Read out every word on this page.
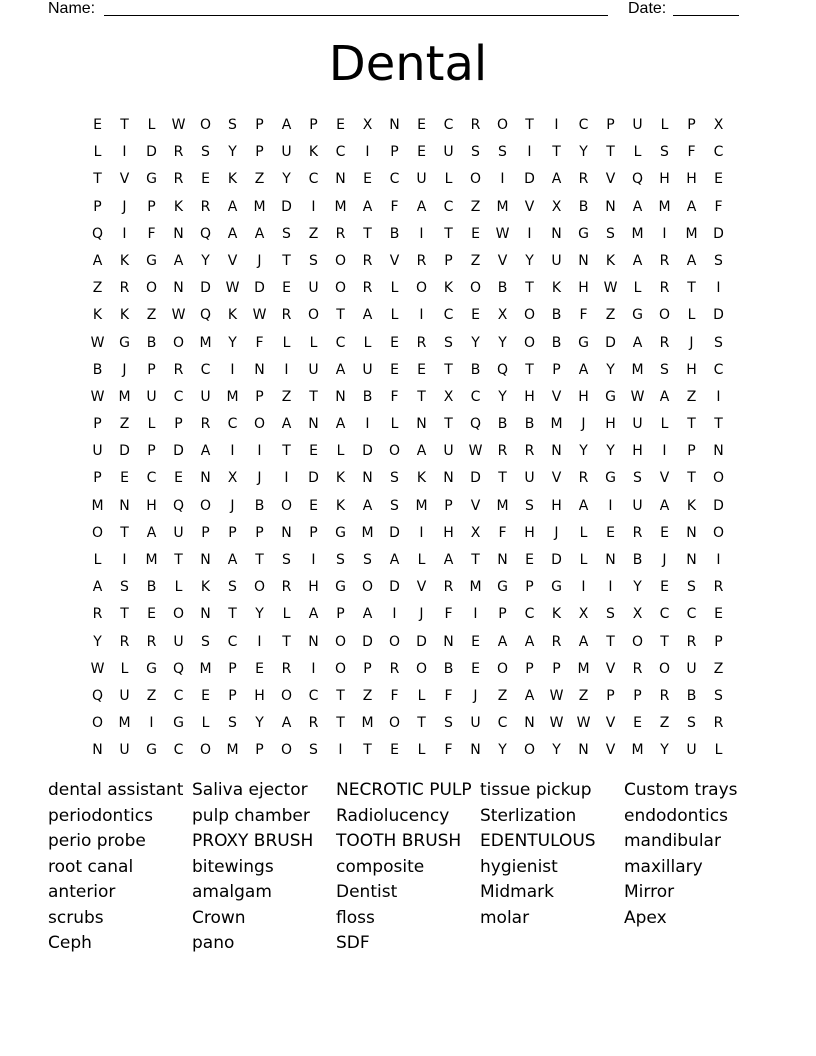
Name:	Date:
Dental
E	T	L	W	O	S	P	A	P	E	X	N	E	C	R	O	T	I	C	P	U	L	P	X
L	I	D	R	S	Y	P	U	K	C	I	P	E	U	S	S	I	T	Y	T	L	S	F	C
T	V	G	R	E	K	Z	Y	C	N	E	C	U	L	O	I	D	A	R	V	Q	H	H	E
P	J	P	K	R	A	M	D	I	M	A	F	A	C	Z	M	V	X	B	N	A	M	A	F
Q	I	F	N	Q	A	A	S	Z	R	T	B	I	T	E	W	I	N	G	S	M	I	M	D
A	K	G	A	Y	V	J	T	S	O	R	V	R	P	Z	V	Y	U	N	K	A	R	A	S
Z	R	O	N	D	W	D	E	U	O	R	L	O	K	O	B	T	K	H	W	L	R	T	I
K	K	Z	W	Q	K	W	R	O	T	A	L	I	C	E	X	O	B	F	Z	G	O	L	D
W	G	B	O	M	Y	F	L	L	C	L	E	R	S	Y	Y	O	B	G	D	A	R	J	S
B	J	P	R	C	I	N	I	U	A	U	E	E	T	B	Q	T	P	A	Y	M	S	H	C
W	M	U	C	U	M	P	Z	T	N	B	F	T	X	C	Y	H	V	H	G	W	A	Z	I
P	Z	L	P	R	C	O	A	N	A	I	L	N	T	Q	B	B	M	J	H	U	L	T	T
U	D	P	D	A	I	I	T	E	L	D	O	A	U	W	R	R	N	Y	Y	H	I	P	N
P	E	C	E	N	X	J	I	D	K	N	S	K	N	D	T	U	V	R	G	S	V	T	O
M	N	H	Q	O	J	B	O	E	K	A	S	M	P	V	M	S	H	A	I	U	A	K	D
O	T	A	U	P	P	P	N	P	G	M	D	I	H	X	F	H	J	L	E	R	E	N	O
L	I	M	T	N	A	T	S	I	S	S	A	L	A	T	N	E	D	L	N	B	J	N	I
A	S	B	L	K	S	O	R	H	G	O	D	V	R	M	G	P	G	I	I	Y	E	S	R
R	T	E	O	N	T	Y	L	A	P	A	I	J	F	I	P	C	K	X	S	X	C	C	E
Y	R	R	U	S	C	I	T	N	O	D	O	D	N	E	A	A	R	A	T	O	T	R	P
W	L	G	Q	M	P	E	R	I	O	P	R	O	B	E	O	P	P	M	V	R	O	U	Z
Q	U	Z	C	E	P	H	O	C	T	Z	F	L	F	J	Z	A	W	Z	P	P	R	B	S
O	M	I	G	L	S	Y	A	R	T	M	O	T	S	U	C	N	W W	V	E	Z	S	R
N	U	G	C	O	M	P	O	S	I	T	E	L	F	N	Y	O	Y	N	V	M	Y	U	L
dental assistant
periodontics
perio probe
root canal
anterior
scrubs
Ceph
Saliva ejector
pulp chamber
PROXY BRUSH
bitewings
amalgam
Crown
pano
NECROTIC PULP
Radiolucency
TOOTH BRUSH
composite
Dentist
floss
SDF
tissue pickup
Sterlization
EDENTULOUS
hygienist
Midmark
molar
Custom trays
endodontics
mandibular
maxillary
Mirror
Apex
